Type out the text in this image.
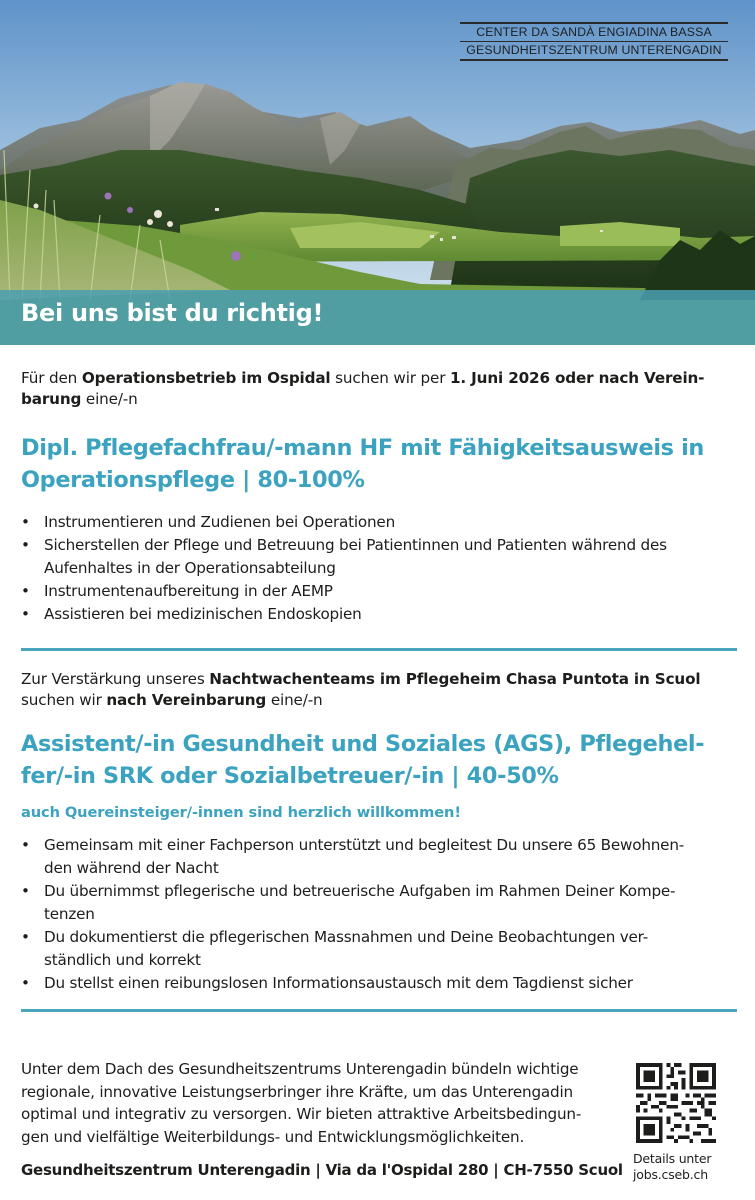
CENTER DA SANDÀ ENGIADINA BASSA
GESUNDHEITSZENTRUM UNTERENGADIN
Bei uns bist du richtig!
Für den Operationsbetrieb im Ospidal suchen wir per 1. Juni 2026 oder nach Verein-
barung eine/-n
Dipl. Pflegefachfrau/-mann HF mit Fähigkeitsausweis in
Operationspflege | 80-100%
• Instrumentieren und Zudienen bei Operationen
• Sicherstellen der Pflege und Betreuung bei Patientinnen und Patienten während des
Aufenhaltes in der Operationsabteilung
• Instrumentenaufbereitung in der AEMP
• Assistieren bei medizinischen Endoskopien
Zur Verstärkung unseres Nachtwachenteams im Pflegeheim Chasa Puntota in Scuol
suchen wir nach Vereinbarung eine/-n
Assistent/-in Gesundheit und Soziales (AGS), Pflegehel-
fer/-in SRK oder Sozialbetreuer/-in | 40-50%
auch Quereinsteiger/-innen sind herzlich willkommen!
• Gemeinsam mit einer Fachperson unterstützt und begleitest Du unsere 65 Bewohnen-
den während der Nacht
• Du übernimmst pflegerische und betreuerische Aufgaben im Rahmen Deiner Kompe-
tenzen
• Du dokumentierst die pflegerischen Massnahmen und Deine Beobachtungen ver-
ständlich und korrekt
• Du stellst einen reibungslosen Informationsaustausch mit dem Tagdienst sicher
Unter dem Dach des Gesundheitszentrums Unterengadin bündeln wichtige
regionale, innovative Leistungserbringer ihre Kräfte, um das Unterengadin
optimal und integrativ zu versorgen. Wir bieten attraktive Arbeitsbedingun-
gen und vielfältige Weiterbildungs- und Entwicklungsmöglichkeiten.
Details unter
jobs.cseb.ch
Gesundheitszentrum Unterengadin | Via da l'Ospidal 280 | CH-7550 Scuol
